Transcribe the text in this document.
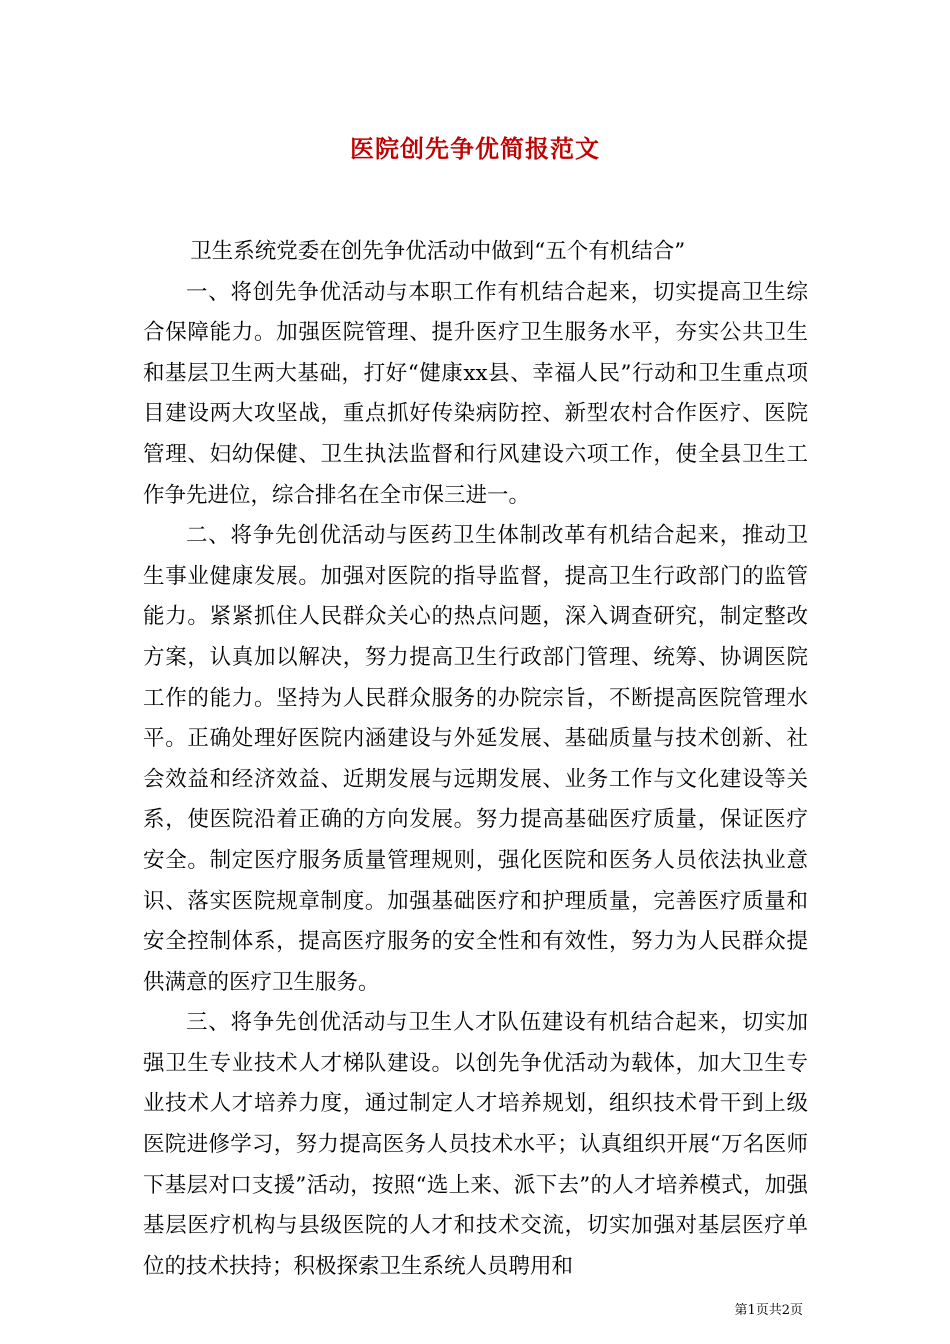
医院创先争优简报范文

卫生系统党委在创先争优活动中做到“五个有机结合”

一、将创先争优活动与本职工作有机结合起来，切实提高卫生综合保障能力。加强医院管理、提升医疗卫生服务水平，夯实公共卫生和基层卫生两大基础，打好“健康xx县、幸福人民”行动和卫生重点项目建设两大攻坚战，重点抓好传染病防控、新型农村合作医疗、医院管理、妇幼保健、卫生执法监督和行风建设六项工作，使全县卫生工作争先进位，综合排名在全市保三进一。

二、将争先创优活动与医药卫生体制改革有机结合起来，推动卫生事业健康发展。加强对医院的指导监督，提高卫生行政部门的监管能力。紧紧抓住人民群众关心的热点问题，深入调查研究，制定整改方案，认真加以解决，努力提高卫生行政部门管理、统筹、协调医院工作的能力。坚持为人民群众服务的办院宗旨，不断提高医院管理水平。正确处理好医院内涵建设与外延发展、基础质量与技术创新、社会效益和经济效益、近期发展与远期发展、业务工作与文化建设等关系，使医院沿着正确的方向发展。努力提高基础医疗质量，保证医疗安全。制定医疗服务质量管理规则，强化医院和医务人员依法执业意识、落实医院规章制度。加强基础医疗和护理质量，完善医疗质量和安全控制体系，提高医疗服务的安全性和有效性，努力为人民群众提供满意的医疗卫生服务。

三、将争先创优活动与卫生人才队伍建设有机结合起来，切实加强卫生专业技术人才梯队建设。以创先争优活动为载体，加大卫生专业技术人才培养力度，通过制定人才培养规划，组织技术骨干到上级医院进修学习，努力提高医务人员技术水平；认真组织开展“万名医师下基层对口支援”活动，按照“选上来、派下去”的人才培养模式，加强基层医疗机构与县级医院的人才和技术交流，切实加强对基层医疗单位的技术扶持；积极探索卫生系统人员聘用和

第1页共2页
